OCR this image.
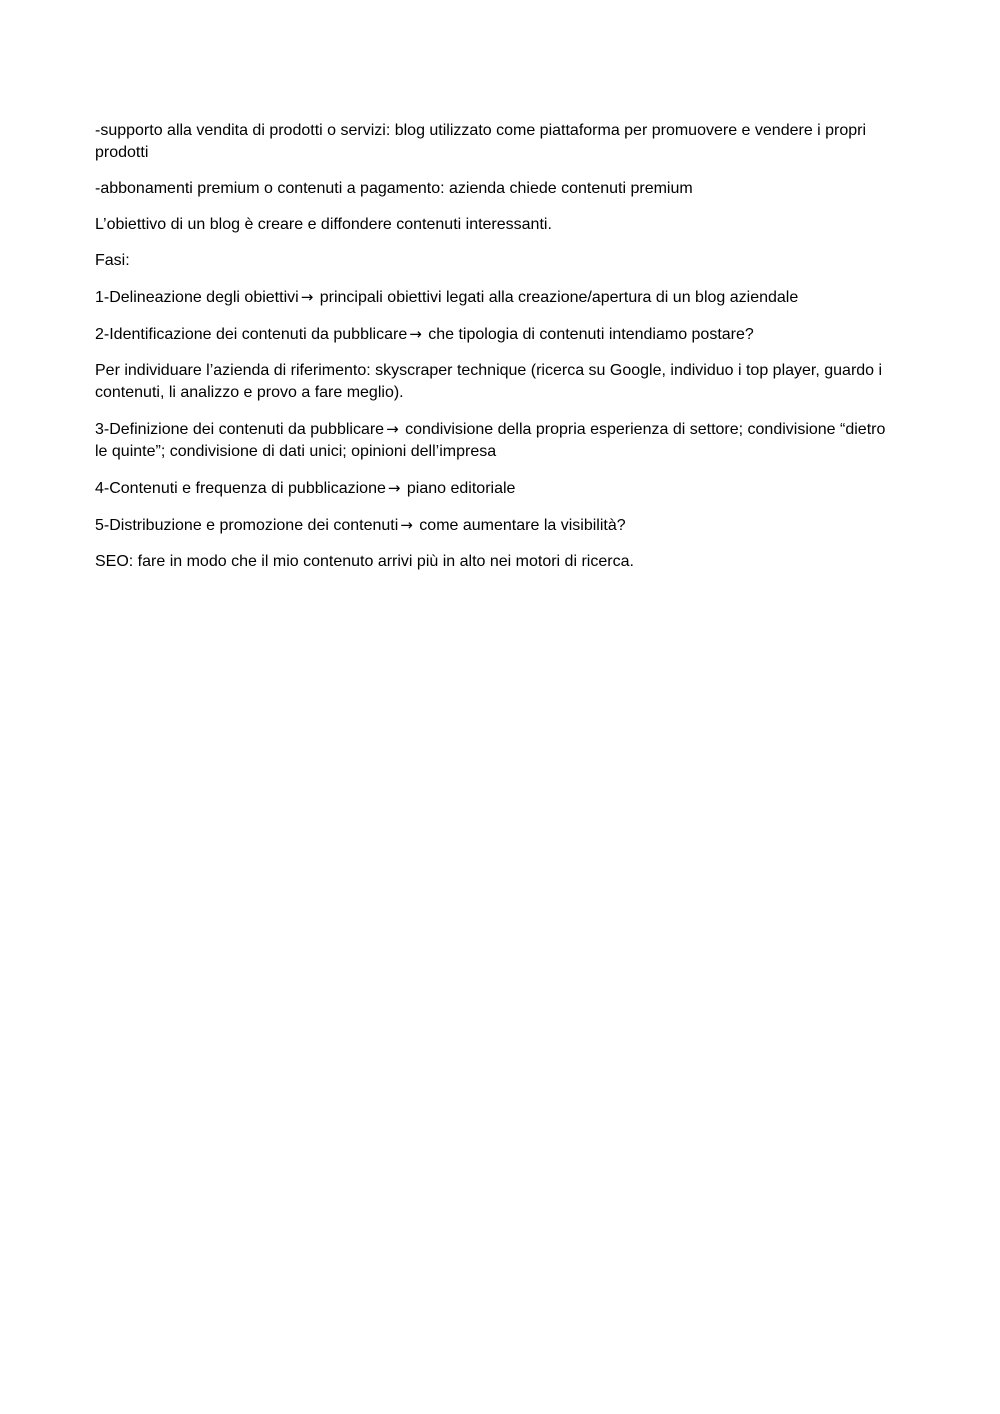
-supporto alla vendita di prodotti o servizi: blog utilizzato come piattaforma per promuovere e vendere i propri prodotti

-abbonamenti premium o contenuti a pagamento: azienda chiede contenuti premium

L’obiettivo di un blog è creare e diffondere contenuti interessanti.

Fasi:

1-Delineazione degli obiettivi → principali obiettivi legati alla creazione/apertura di un blog aziendale

2-Identificazione dei contenuti da pubblicare → che tipologia di contenuti intendiamo postare?

Per individuare l’azienda di riferimento: skyscraper technique (ricerca su Google, individuo i top player, guardo i contenuti, li analizzo e provo a fare meglio).

3-Definizione dei contenuti da pubblicare → condivisione della propria esperienza di settore; condivisione “dietro le quinte”; condivisione di dati unici; opinioni dell’impresa

4-Contenuti e frequenza di pubblicazione → piano editoriale

5-Distribuzione e promozione dei contenuti → come aumentare la visibilità?

SEO: fare in modo che il mio contenuto arrivi più in alto nei motori di ricerca.
